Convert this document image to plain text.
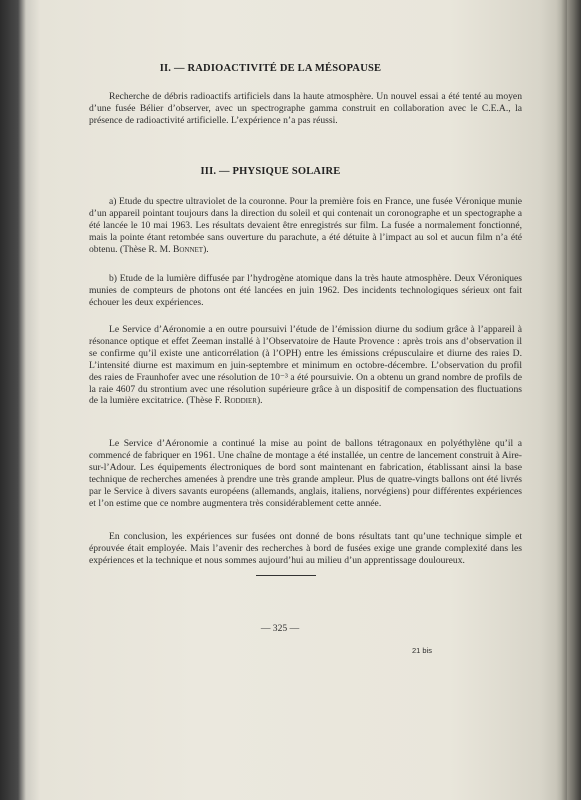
II. — RADIOACTIVITÉ DE LA MÉSOPAUSE
Recherche de débris radioactifs artificiels dans la haute atmosphère. Un nouvel essai a été tenté au moyen d’une fusée Bélier d’observer, avec un spectrographe gamma construit en collaboration avec le C.E.A., la présence de radioactivité artificielle. L’expérience n’a pas réussi.
III. — PHYSIQUE SOLAIRE
a) Etude du spectre ultraviolet de la couronne. Pour la première fois en France, une fusée Véronique munie d’un appareil pointant toujours dans la direction du soleil et qui contenait un coronographe et un spectographe a été lancée le 10 mai 1963. Les résultats devaient être enregistrés sur film. La fusée a normalement fonctionné, mais la pointe étant retombée sans ouverture du parachute, a été détuite à l’impact au sol et aucun film n’a été obtenu. (Thèse R. M. Bonnet).
b) Etude de la lumière diffusée par l’hydrogène atomique dans la très haute atmosphère. Deux Véroniques munies de compteurs de photons ont été lancées en juin 1962. Des incidents technologiques sérieux ont fait échouer les deux expériences.
Le Service d’Aéronomie a en outre poursuivi l’étude de l’émission diurne du sodium grâce à l’appareil à résonance optique et effet Zeeman installé à l’Observatoire de Haute Provence : après trois ans d’observation il se confirme qu’il existe une anticorrélation (à l’OPH) entre les émissions crépusculaire et diurne des raies D. L’intensité diurne est maximum en juin-septembre et minimum en octobre-décembre. L’observation du profil des raies de Fraunhofer avec une résolution de 10⁻³ a été poursuivie. On a obtenu un grand nombre de profils de la raie 4607 du strontium avec une résolution supérieure grâce à un dispositif de compensation des fluctuations de la lumière excitatrice. (Thèse F. Roddier).
Le Service d’Aéronomie a continué la mise au point de ballons tétragonaux en polyéthylène qu’il a commencé de fabriquer en 1961. Une chaîne de montage a été installée, un centre de lancement construit à Aire-sur-l’Adour. Les équipements électroniques de bord sont maintenant en fabrication, établissant ainsi la base technique de recherches amenées à prendre une très grande ampleur. Plus de quatre-vingts ballons ont été livrés par le Service à divers savants européens (allemands, anglais, italiens, norvégiens) pour différentes expériences et l’on estime que ce nombre augmentera très considérablement cette année.
En conclusion, les expériences sur fusées ont donné de bons résultats tant qu’une technique simple et éprouvée était employée. Mais l’avenir des recherches à bord de fusées exige une grande complexité dans les expériences et la technique et nous sommes aujourd’hui au milieu d’un apprentissage douloureux.
— 325 —
21 bis
